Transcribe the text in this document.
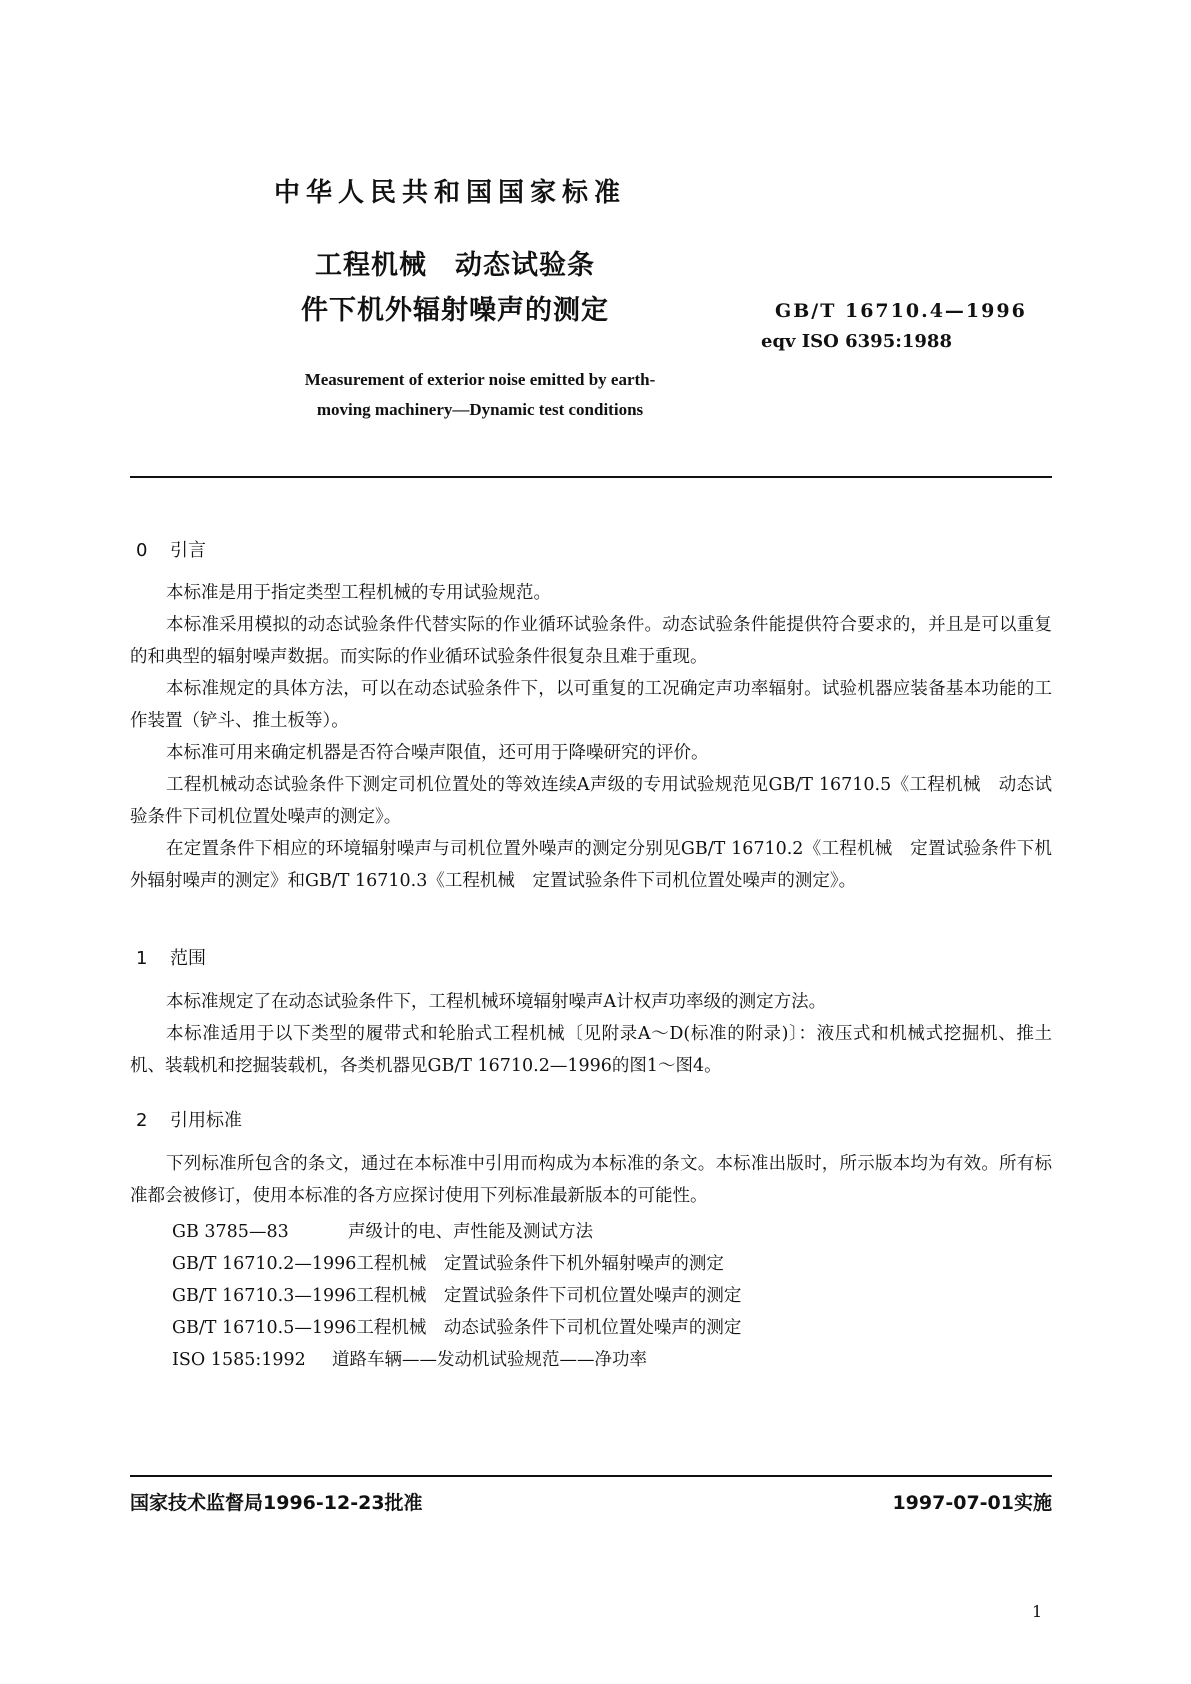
中华人民共和国国家标准
工程机械　动态试验条
件下机外辐射噪声的测定	GB/T 16710.4—1996
eqv ISO 6395:1988
Measurement of exterior noise emitted by earth-
moving machinery—Dynamic test conditions
0 引言
本标准是用于指定类型工程机械的专用试验规范。
本标准采用模拟的动态试验条件代替实际的作业循环试验条件。动态试验条件能提供符合要求的，并且是可以重复的和典型的辐射噪声数据。而实际的作业循环试验条件很复杂且难于重现。
本标准规定的具体方法，可以在动态试验条件下，以可重复的工况确定声功率辐射。试验机器应装备基本功能的工作装置（铲斗、推土板等）。
本标准可用来确定机器是否符合噪声限值，还可用于降噪研究的评价。
工程机械动态试验条件下测定司机位置处的等效连续A声级的专用试验规范见GB/T 16710.5《工程机械　动态试验条件下司机位置处噪声的测定》。
在定置条件下相应的环境辐射噪声与司机位置外噪声的测定分别见GB/T 16710.2《工程机械　定置试验条件下机外辐射噪声的测定》和GB/T 16710.3《工程机械　定置试验条件下司机位置处噪声的测定》。
1 范围
本标准规定了在动态试验条件下，工程机械环境辐射噪声A计权声功率级的测定方法。
本标准适用于以下类型的履带式和轮胎式工程机械〔见附录A～D(标准的附录)〕：液压式和机械式挖掘机、推土机、装载机和挖掘装载机，各类机器见GB/T 16710.2—1996的图1～图4。
2 引用标准
下列标准所包含的条文，通过在本标准中引用而构成为本标准的条文。本标准出版时，所示版本均为有效。所有标准都会被修订，使用本标准的各方应探讨使用下列标准最新版本的可能性。
GB 3785—83	声级计的电、声性能及测试方法
GB/T 16710.2—1996工程机械　定置试验条件下机外辐射噪声的测定
GB/T 16710.3—1996工程机械　定置试验条件下司机位置处噪声的测定
GB/T 16710.5—1996工程机械　动态试验条件下司机位置处噪声的测定
ISO 1585:1992 道路车辆——发动机试验规范——净功率
国家技术监督局1996-12-23批准	1997-07-01实施
1
